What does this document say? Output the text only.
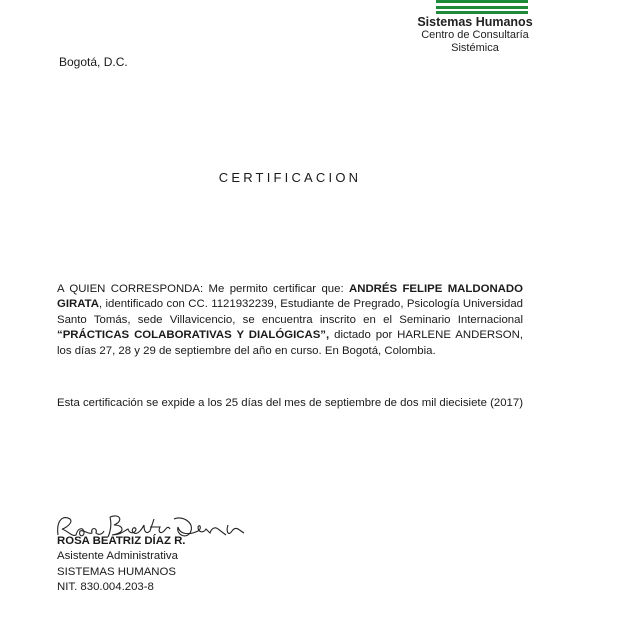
Sistemas Humanos
Centro de Consultaría
Sistémica
Bogotá, D.C.
CERTIFICACION
A QUIEN CORRESPONDA: Me permito certificar que: ANDRÉS FELIPE MALDONADO GIRATA, identificado con CC. 1121932239, Estudiante de Pregrado, Psicología Universidad Santo Tomás, sede Villavicencio, se encuentra inscrito en el Seminario Internacional “PRÁCTICAS COLABORATIVAS Y DIALÓGICAS”, dictado por HARLENE ANDERSON, los días 27, 28 y 29 de septiembre del año en curso. En Bogotá, Colombia.
Esta certificación se expide a los 25 días del mes de septiembre de dos mil diecisiete (2017)
ROSA BEATRIZ DÍAZ R.
Asistente Administrativa
SISTEMAS HUMANOS
NIT. 830.004.203-8
